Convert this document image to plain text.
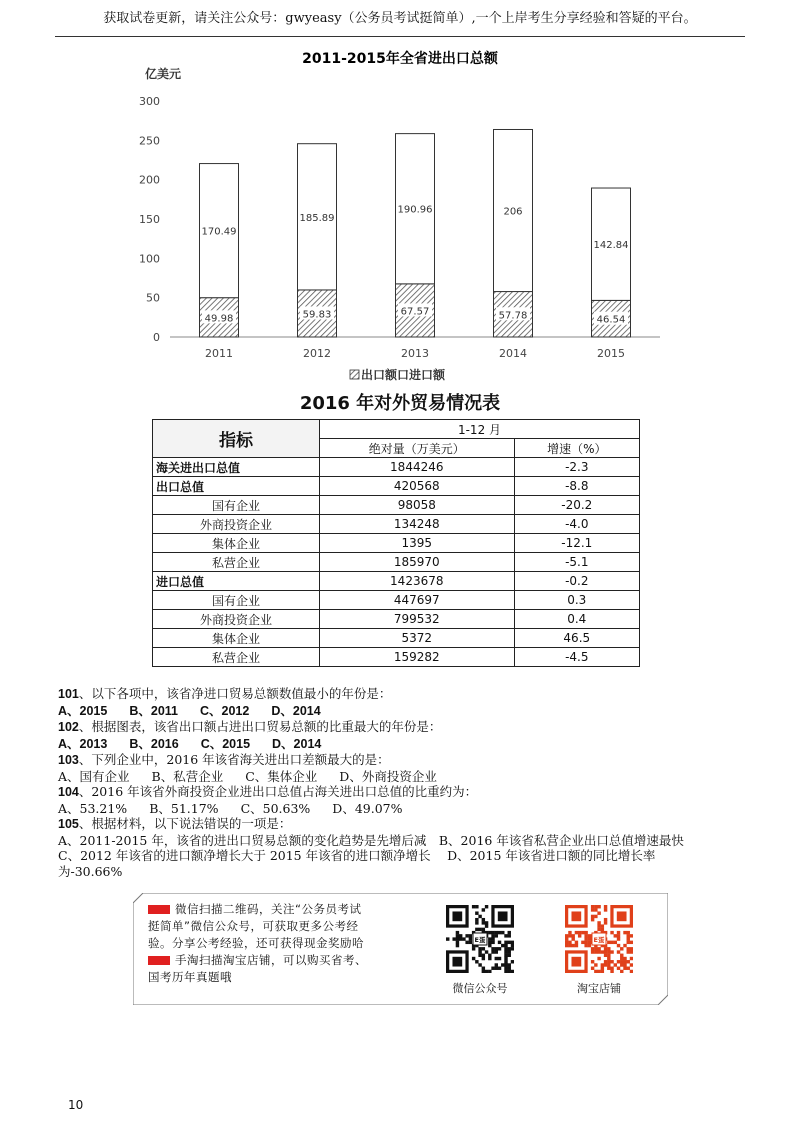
获取试卷更新，请关注公众号：gwyeasy（公务员考试挺简单）,一个上岸考生分享经验和答疑的平台。
2011-2015年全省进出口总额
亿美元
0
50
100
150
200
250
300
49.98
170.49
2011
59.83
185.89
2012
67.57
190.96
2013
57.78
206
2014
46.54
142.84
2015
出口额口进口额
2016 年对外贸易情况表
指标	1-12 月	
	绝对量（万美元）	增速（%）
海关进出口总值	1844246	-2.3
出口总值	420568	-8.8
国有企业	98058	-20.2
外商投资企业	134248	-4.0
集体企业	1395	-12.1
私营企业	185970	-5.1
进口总值	1423678	-0.2
国有企业	447697	0.3
外商投资企业	799532	0.4
集体企业	5372	46.5
私营企业	159282	-4.5
101、以下各项中，该省净进口贸易总额数值最小的年份是：
A、2015 B、2011 C、2012 D、2014
102、根据图表，该省出口额占进出口贸易总额的比重最大的年份是：
A、2013 B、2016 C、2015 D、2014
103、下列企业中，2016 年该省海关进出口差额最大的是：
A、国有企业 B、私营企业 C、集体企业 D、外商投资企业
104、2016 年该省外商投资企业进出口总值占海关进出口总值的比重约为：
A、53.21% B、51.17% C、50.63% D、49.07%
105、根据材料，以下说法错误的一项是：
A、2011-2015 年，该省的进出口贸易总额的变化趋势是先增后减　B、2016 年该省私营企业出口总值增速最快
C、2012 年该省的进口额净增长大于 2015 年该省的进口额净增长　 D、2015 年该省进口额的同比增长率
为-30.66%
微信扫描二维码，关注“公务员考试
挺简单”微信公众号，可获取更多公考经
验。分享公考经验，还可获得现金奖励哈
手淘扫描淘宝店铺，可以购买省考、
国考历年真题哦
E蛋
微信公众号
E蛋
淘宝店铺
10
